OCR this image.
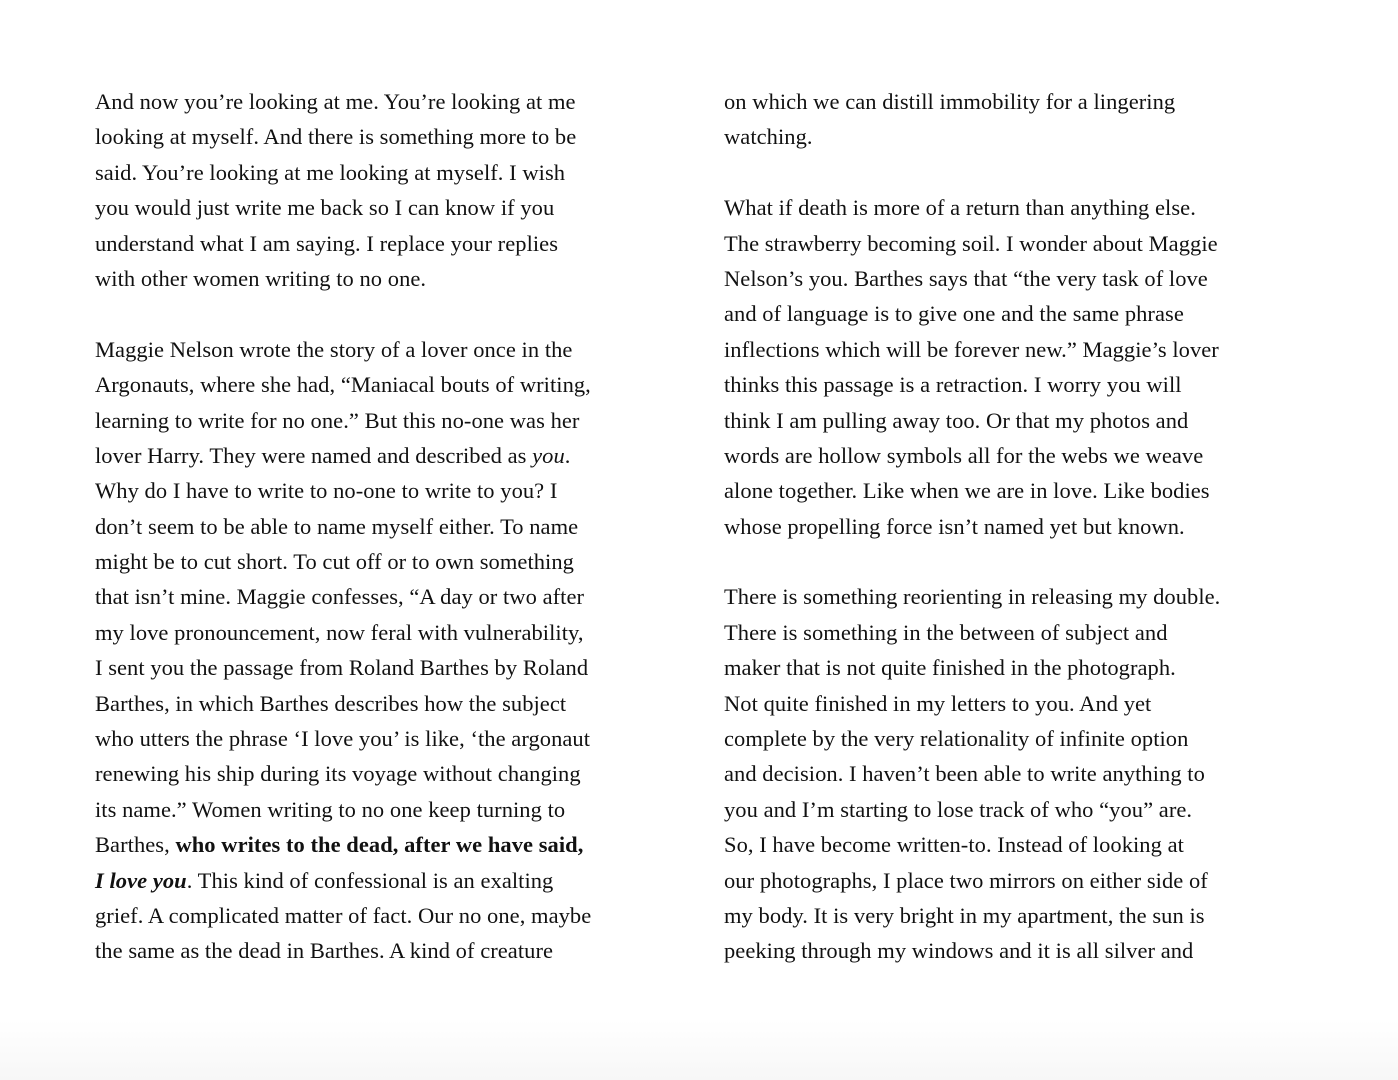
And now you’re looking at me. You’re looking at me
looking at myself. And there is something more to be
said. You’re looking at me looking at myself. I wish
you would just write me back so I can know if you
understand what I am saying. I replace your replies
with other women writing to no one.
Maggie Nelson wrote the story of a lover once in the
Argonauts, where she had, “Maniacal bouts of writing,
learning to write for no one.” But this no-one was her
lover Harry. They were named and described as you.
Why do I have to write to no-one to write to you? I
don’t seem to be able to name myself either. To name
might be to cut short. To cut off or to own something
that isn’t mine. Maggie confesses, “A day or two after
my love pronouncement, now feral with vulnerability,
I sent you the passage from Roland Barthes by Roland
Barthes, in which Barthes describes how the subject
who utters the phrase ‘I love you’ is like, ‘the argonaut
renewing his ship during its voyage without changing
its name.” Women writing to no one keep turning to
Barthes, who writes to the dead, after we have said,
I love you. This kind of confessional is an exalting
grief. A complicated matter of fact. Our no one, maybe
the same as the dead in Barthes. A kind of creature
on which we can distill immobility for a lingering
watching.
What if death is more of a return than anything else.
The strawberry becoming soil. I wonder about Maggie
Nelson’s you. Barthes says that “the very task of love
and of language is to give one and the same phrase
inflections which will be forever new.” Maggie’s lover
thinks this passage is a retraction. I worry you will
think I am pulling away too. Or that my photos and
words are hollow symbols all for the webs we weave
alone together. Like when we are in love. Like bodies
whose propelling force isn’t named yet but known.
There is something reorienting in releasing my double.
There is something in the between of subject and
maker that is not quite finished in the photograph.
Not quite finished in my letters to you. And yet
complete by the very relationality of infinite option
and decision. I haven’t been able to write anything to
you and I’m starting to lose track of who “you” are.
So, I have become written-to. Instead of looking at
our photographs, I place two mirrors on either side of
my body. It is very bright in my apartment, the sun is
peeking through my windows and it is all silver and
